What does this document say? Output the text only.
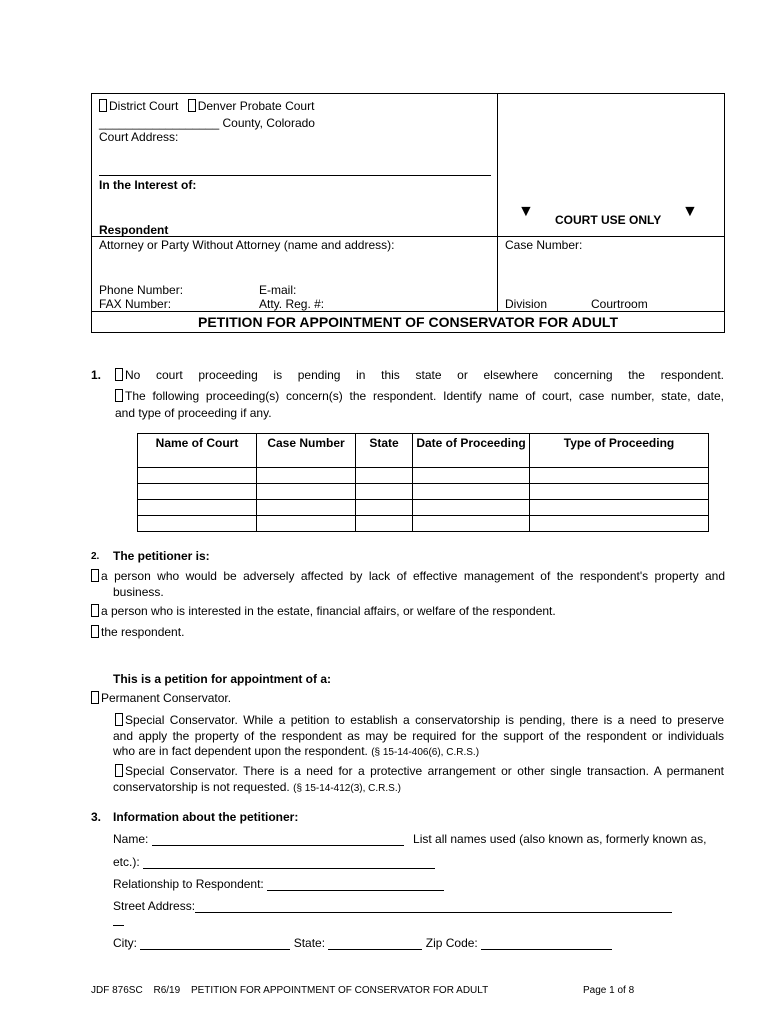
District Court Denver Probate Court
__________________ County, Colorado
Court Address:
In the Interest of:
Respondent
▼ COURT USE ONLY ▼
Attorney or Party Without Attorney (name and address):
Phone Number:	E-mail:
FAX Number:	Atty. Reg. #:
Case Number:
Division	Courtroom
PETITION FOR APPOINTMENT OF CONSERVATOR FOR ADULT
1.	No court proceeding is pending in this state or elsewhere concerning the respondent.
The following proceeding(s) concern(s) the respondent. Identify name of court, case number, state, date,
and type of proceeding if any.
Name of Court	Case Number	State	Date of Proceeding	Type of Proceeding

2. The petitioner is:
a person who would be adversely affected by lack of effective management of the respondent's property and
business.
a person who is interested in the estate, financial affairs, or welfare of the respondent.
the respondent.
This is a petition for appointment of a:
Permanent Conservator.
Special Conservator. While a petition to establish a conservatorship is pending, there is a need to preserve
and apply the property of the respondent as may be required for the support of the respondent or individuals
who are in fact dependent upon the respondent. (§ 15-14-406(6), C.R.S.)
Special Conservator. There is a need for a protective arrangement or other single transaction. A permanent
conservatorship is not requested. (§ 15-14-412(3), C.R.S.)
3. Information about the petitioner:
Name:	List all names used (also known as, formerly known as,
etc.):
Relationship to Respondent:
Street Address:
City:	State:	Zip Code:
JDF 876SC R6/19 PETITION FOR APPOINTMENT OF CONSERVATOR FOR ADULT	Page 1 of 8
